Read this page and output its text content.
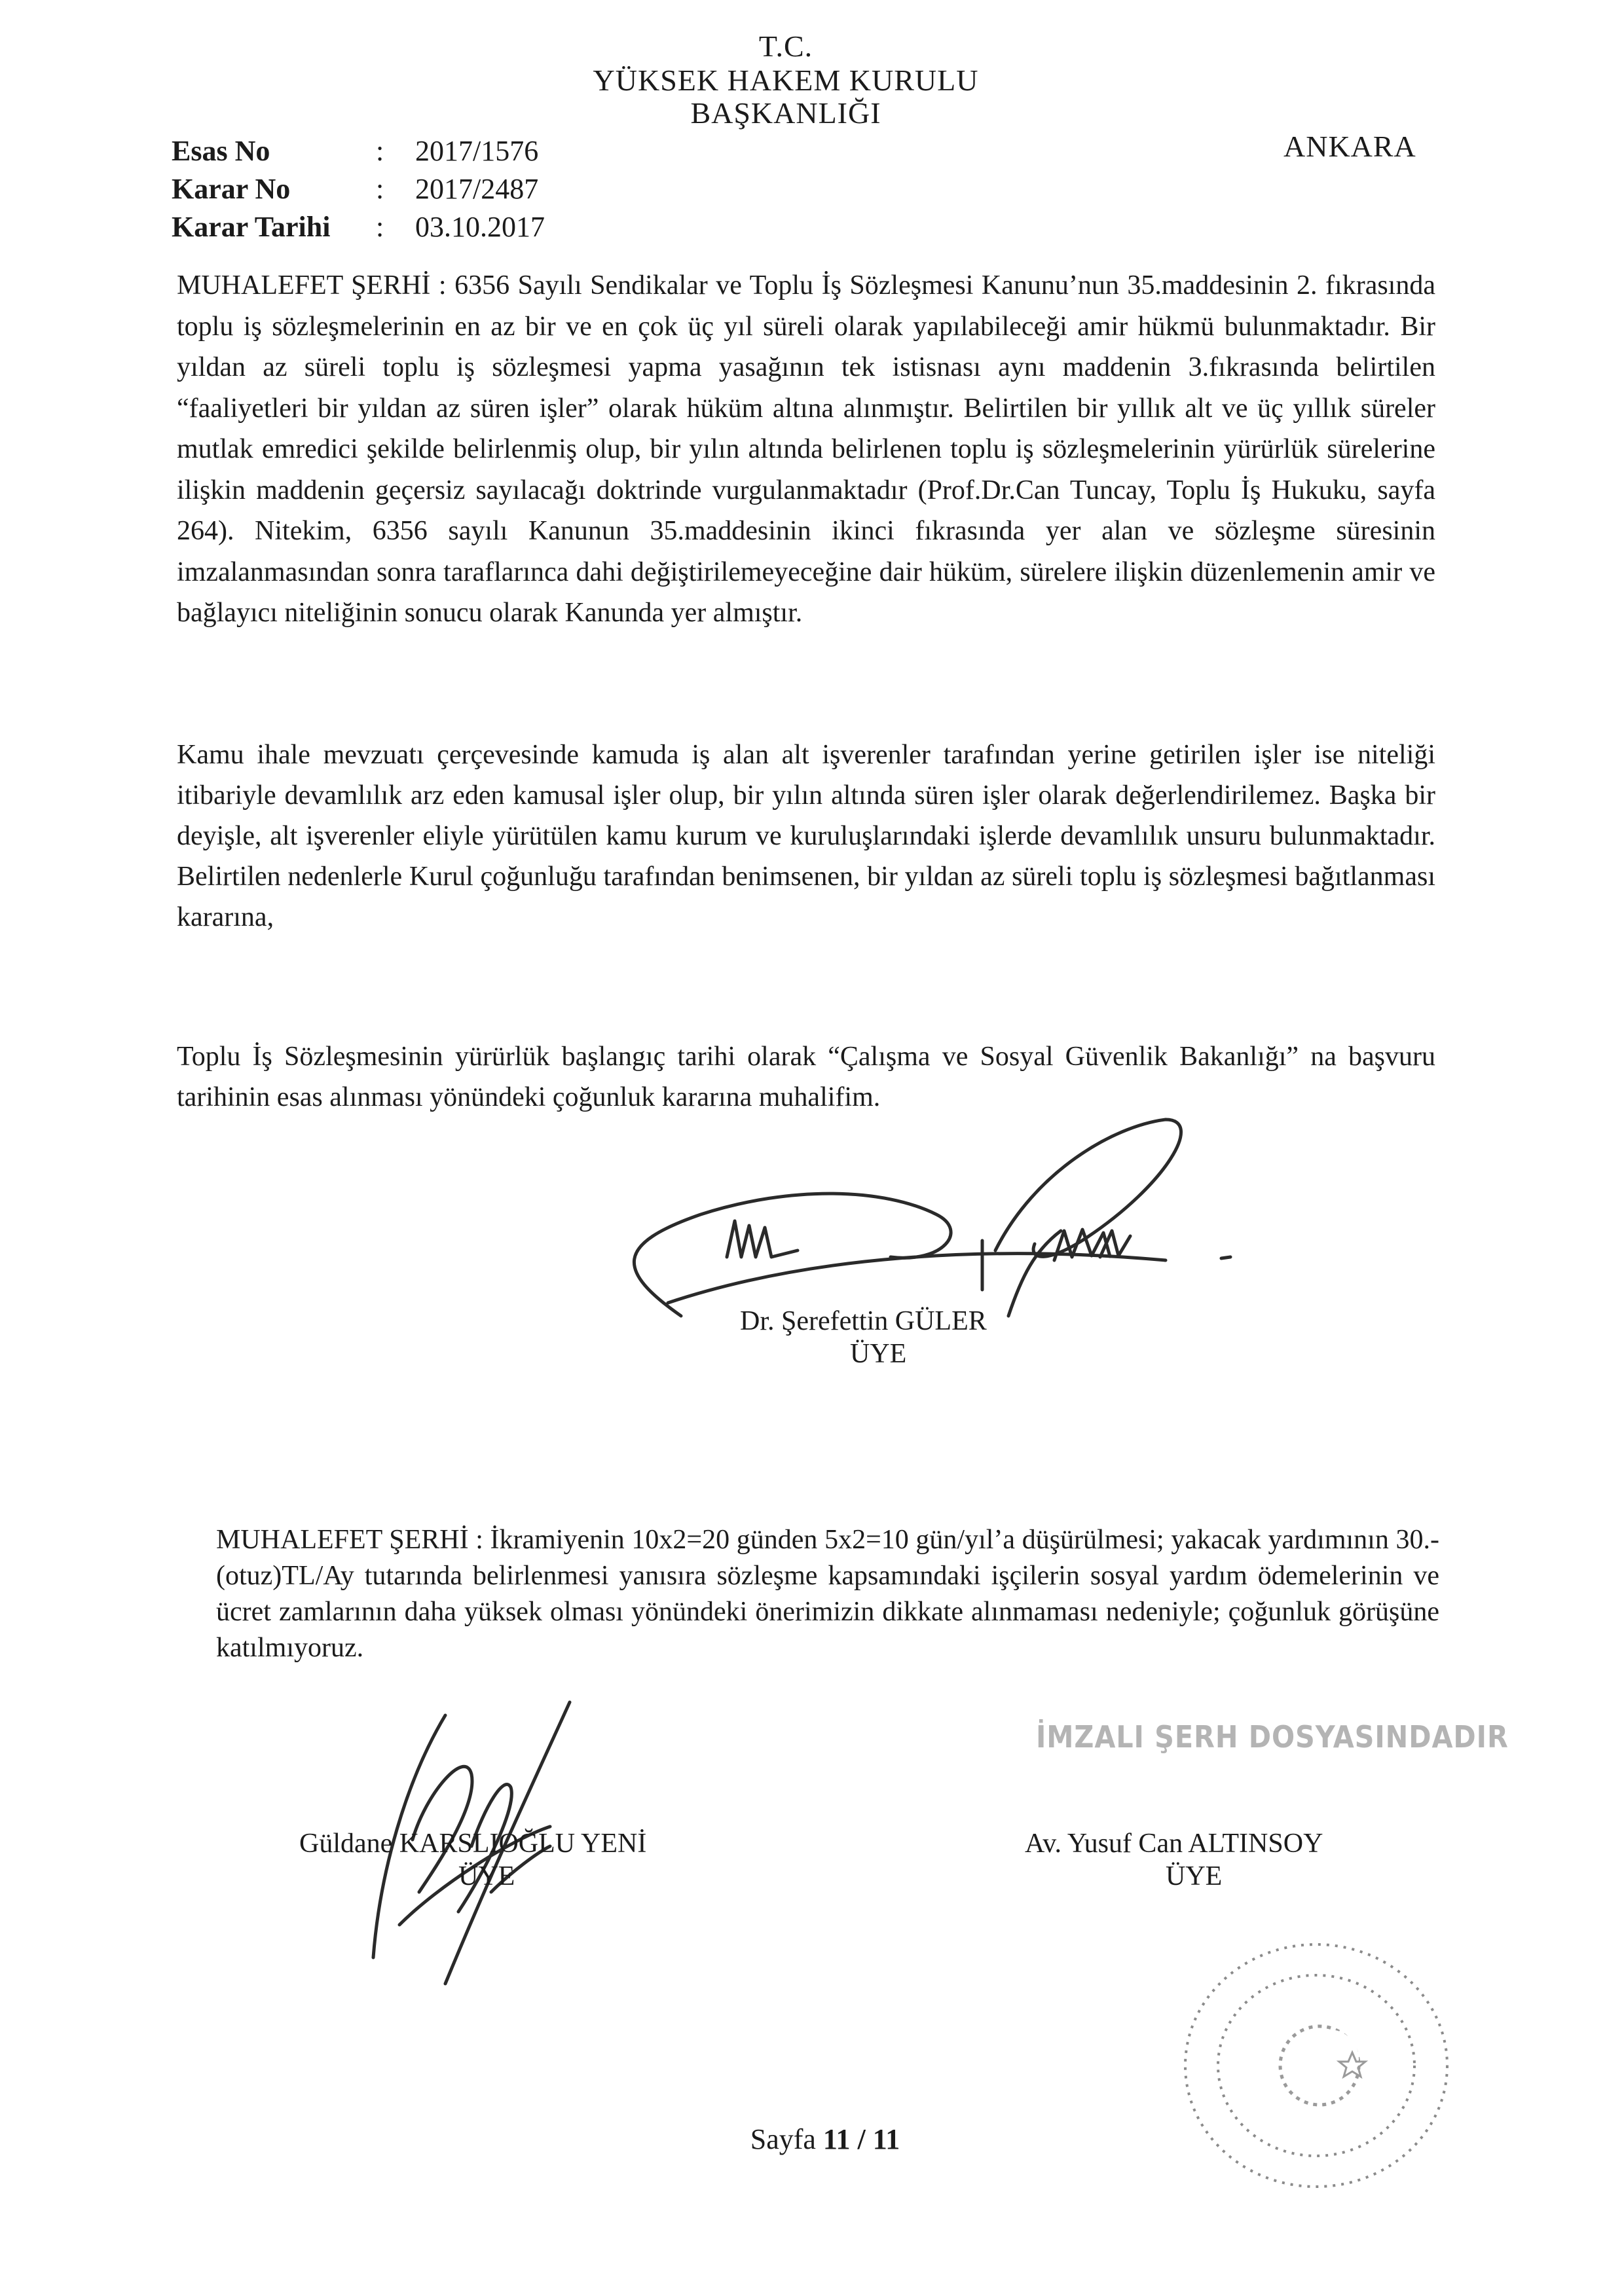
T.C.
YÜKSEK HAKEM KURULU
BAŞKANLIĞI
ANKARA
Esas No	: 2017/1576
Karar No	: 2017/2487
Karar Tarihi	: 03.10.2017
MUHALEFET ŞERHİ : 6356 Sayılı Sendikalar ve Toplu İş Sözleşmesi Kanunu’nun 35.maddesinin 2. fıkrasında toplu iş sözleşmelerinin en az bir ve en çok üç yıl süreli olarak yapılabileceği amir hükmü bulunmaktadır. Bir yıldan az süreli toplu iş sözleşmesi yapma yasağının tek istisnası aynı maddenin 3.fıkrasında belirtilen “faaliyetleri bir yıldan az süren işler” olarak hüküm altına alınmıştır. Belirtilen bir yıllık alt ve üç yıllık süreler mutlak emredici şekilde belirlenmiş olup, bir yılın altında belirlenen toplu iş sözleşmelerinin yürürlük sürelerine ilişkin maddenin geçersiz sayılacağı doktrinde vurgulanmaktadır (Prof.Dr.Can Tuncay, Toplu İş Hukuku, sayfa 264). Nitekim, 6356 sayılı Kanunun 35.maddesinin ikinci fıkrasında yer alan ve sözleşme süresinin imzalanmasından sonra taraflarınca dahi değiştirilemeyeceğine dair hüküm, sürelere ilişkin düzenlemenin amir ve bağlayıcı niteliğinin sonucu olarak Kanunda yer almıştır.
Kamu ihale mevzuatı çerçevesinde kamuda iş alan alt işverenler tarafından yerine getirilen işler ise niteliği itibariyle devamlılık arz eden kamusal işler olup, bir yılın altında süren işler olarak değerlendirilemez. Başka bir deyişle, alt işverenler eliyle yürütülen kamu kurum ve kuruluşlarındaki işlerde devamlılık unsuru bulunmaktadır. Belirtilen nedenlerle Kurul çoğunluğu tarafından benimsenen, bir yıldan az süreli toplu iş sözleşmesi bağıtlanması kararına,
Toplu İş Sözleşmesinin yürürlük başlangıç tarihi olarak “Çalışma ve Sosyal Güvenlik Bakanlığı” na başvuru tarihinin esas alınması yönündeki çoğunluk kararına muhalifim.
Dr. Şerefettin GÜLER
ÜYE
MUHALEFET ŞERHİ : İkramiyenin 10x2=20 günden 5x2=10 gün/yıl’a düşürülmesi; yakacak yardımının 30.-(otuz)TL/Ay tutarında belirlenmesi yanısıra sözleşme kapsamındaki işçilerin sosyal yardım ödemelerinin ve ücret zamlarının daha yüksek olması yönündeki önerimizin dikkate alınmaması nedeniyle; çoğunluk görüşüne katılmıyoruz.
İMZALI ŞERH DOSYASINDADIR
Güldane KARSLIOĞLU YENİ
ÜYE
Av. Yusuf Can ALTINSOY
ÜYE
Sayfa 11 / 11
